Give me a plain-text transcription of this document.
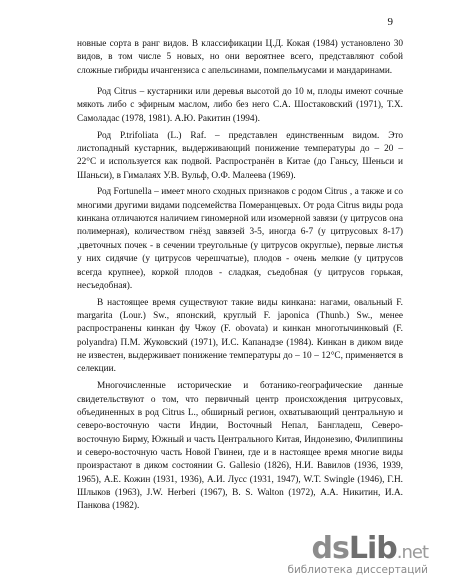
9

новные сорта в ранг видов. В классификации Ц.Д. Кокая (1984) установлено 30 видов, в том числе 5 новых, но они вероятнее всего, представляют собой сложные гибриды ичангензиса с апельсинами, помпельмусами и мандаринами.

Род Citrus – кустарники или деревья высотой до 10 м, плоды имеют сочные мякоть либо с эфирным маслом, либо без него С.А. Шостаковский (1971), Т.Х. Самоладас (1978, 1981). А.Ю. Ракитин (1994).

Род P.trifoliata (L.) Raf. – представлен единственным видом. Это листопадный кустарник, выдерживающий понижение температуры до – 20 – 22°С и используется как подвой. Распространён в Китае (до Ганьсу, Шеньси и Шаньси), в Гималаях У.В. Вульф, О.Ф. Малеева (1969).

Род Fortunella – имеет много сходных признаков с родом Citrus , а также и со многими другими видами подсемейства Померанцевых. От рода Citrus виды рода кинкана отличаются наличием гиномерной или изомерной завязи (у цитрусов она полимерная), количеством гнёзд завязей 3-5, иногда 6-7 (у цитрусовых 8-17) ,цветочных почек - в сечении треугольные (у цитрусов округлые), первые листья у них сидячие (у цитрусов черешчатые), плодов - очень мелкие (у цитрусов всегда крупнее), коркой плодов - сладкая, съедобная (у цитрусов горькая, несъедобная).

В настоящее время существуют такие виды кинкана: нагами, овальный F. margarita (Lour.) Sw., японский, круглый F. japonica (Thunb.) Sw., менее распространены кинкан фу Чжоу (F. obovata) и кинкан многотычинковый (F. polyandra) П.М. Жуковский (1971), И.С. Капанадзе (1984). Кинкан в диком виде не известен, выдерживает понижение температуры до – 10 – 12°С, применяется в селекции.

Многочисленные исторические и ботанико-географические данные свидетельствуют о том, что первичный центр происхождения цитрусовых, объединенных в род Citrus L., обширный регион, охватывающий центральную и северо-восточную части Индии, Восточный Непал, Бангладеш, Северо-восточную Бирму, Южный и часть Центрального Китая, Индонезию, Филиппины и северо-восточную часть Новой Гвинеи, где и в настоящее время многие виды произрастают в диком состоянии G. Gallesio (1826), Н.И. Вавилов (1936, 1939, 1965), А.Е. Кожин (1931, 1936), А.И. Лусс (1931, 1947), W.T. Swingle (1946), Г.Н. Шлыков (1963), J.W. Herberi (1967), B. S. Walton (1972), А.А. Никитин, И.А. Панкова (1982).

dsLib.net
библиотека диссертаций
